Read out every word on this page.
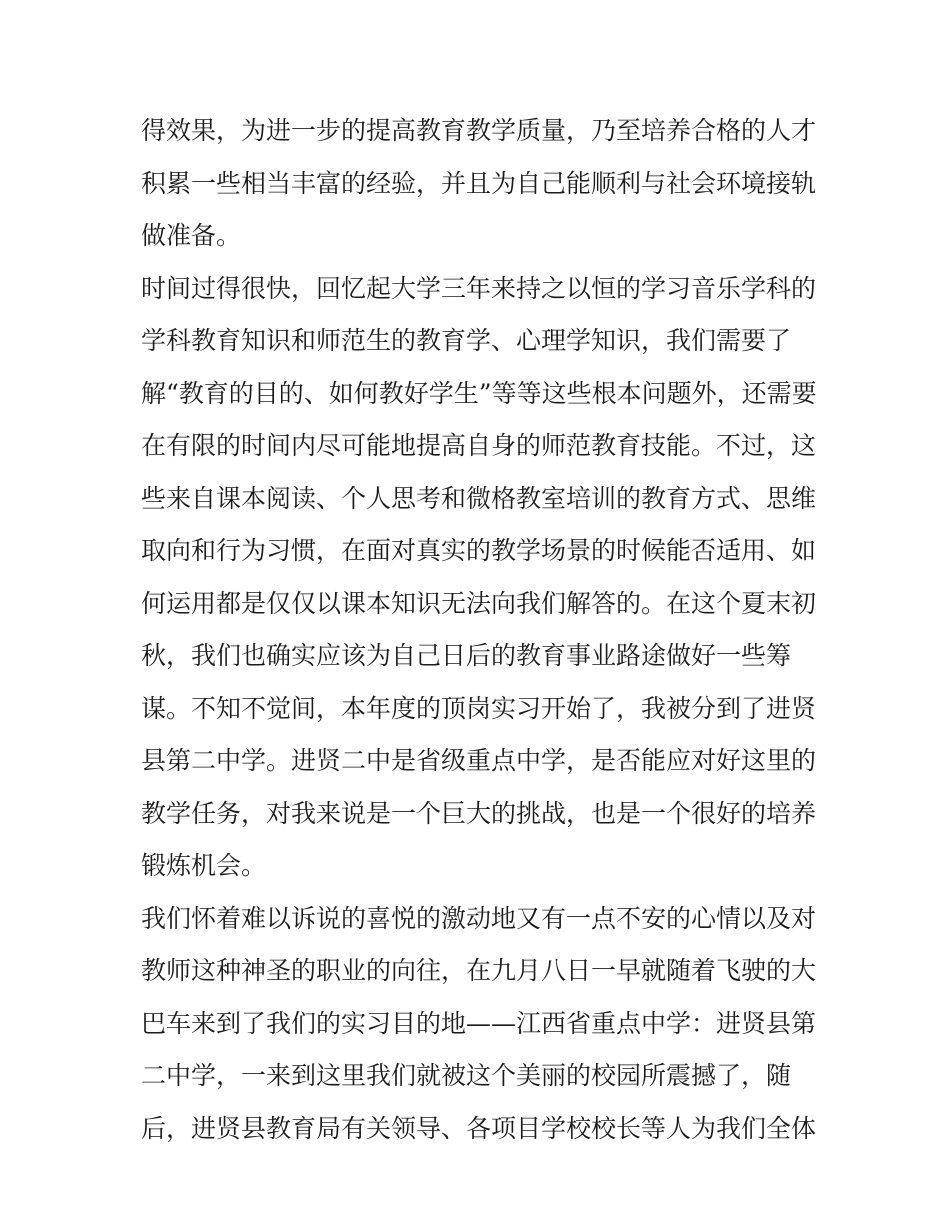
得效果，为进一步的提高教育教学质量，乃至培养合格的人才
积累一些相当丰富的经验，并且为自己能顺利与社会环境接轨
做准备。
时间过得很快，回忆起大学三年来持之以恒的学习音乐学科的
学科教育知识和师范生的教育学、心理学知识，我们需要了
解“教育的目的、如何教好学生”等等这些根本问题外，还需要
在有限的时间内尽可能地提高自身的师范教育技能。不过，这
些来自课本阅读、个人思考和微格教室培训的教育方式、思维
取向和行为习惯，在面对真实的教学场景的时候能否适用、如
何运用都是仅仅以课本知识无法向我们解答的。在这个夏末初
秋，我们也确实应该为自己日后的教育事业路途做好一些筹
谋。不知不觉间，本年度的顶岗实习开始了，我被分到了进贤
县第二中学。进贤二中是省级重点中学，是否能应对好这里的
教学任务，对我来说是一个巨大的挑战，也是一个很好的培养
锻炼机会。
我们怀着难以诉说的喜悦的激动地又有一点不安的心情以及对
教师这种神圣的职业的向往，在九月八日一早就随着飞驶的大
巴车来到了我们的实习目的地——江西省重点中学：进贤县第
二中学，一来到这里我们就被这个美丽的校园所震撼了，随
后，进贤县教育局有关领导、各项目学校校长等人为我们全体
